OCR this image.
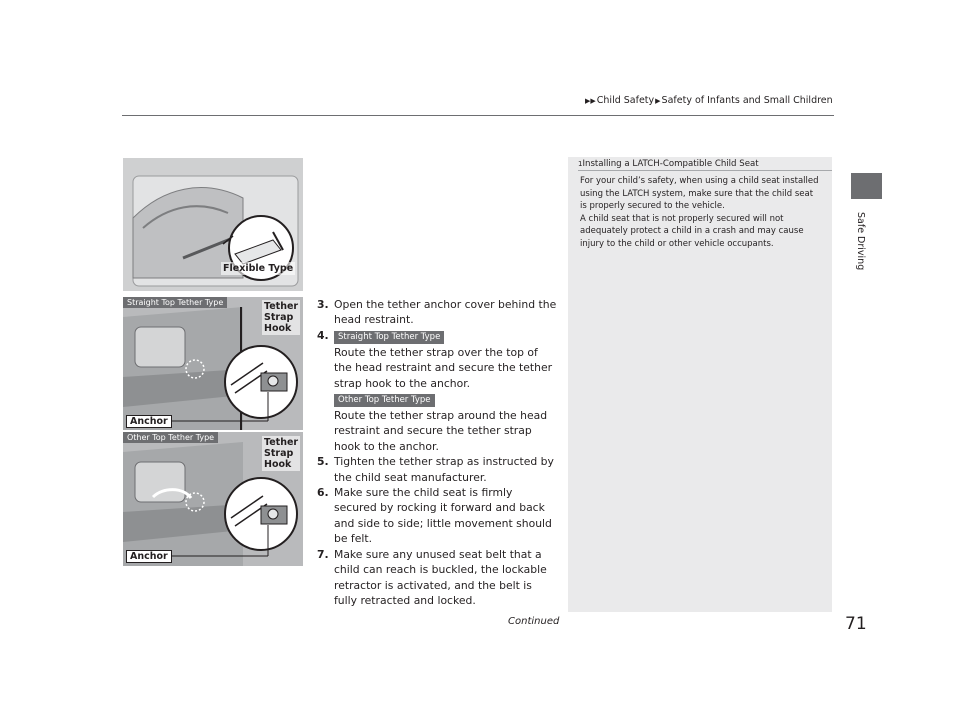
▶▶Child Safety▶Safety of Infants and Small Children
Safe Driving
Flexible Type
Straight Top Tether Type	Tether
Strap
Hook
Anchor
Other Top Tether Type	Tether
Strap
Hook
Anchor
3. Open the tether anchor cover behind the head restraint.
4. Straight Top Tether Type
Route the tether strap over the top of the head restraint and secure the tether strap hook to the anchor.
Other Top Tether Type
Route the tether strap around the head restraint and secure the tether strap hook to the anchor.
5. Tighten the tether strap as instructed by the child seat manufacturer.
6. Make sure the child seat is firmly secured by rocking it forward and back and side to side; little movement should be felt.
7. Make sure any unused seat belt that a child can reach is buckled, the lockable retractor is activated, and the belt is fully retracted and locked.
1Installing a LATCH-Compatible Child Seat
For your child’s safety, when using a child seat installed using the LATCH system, make sure that the child seat is properly secured to the vehicle.
A child seat that is not properly secured will not adequately protect a child in a crash and may cause injury to the child or other vehicle occupants.
Continued	71
